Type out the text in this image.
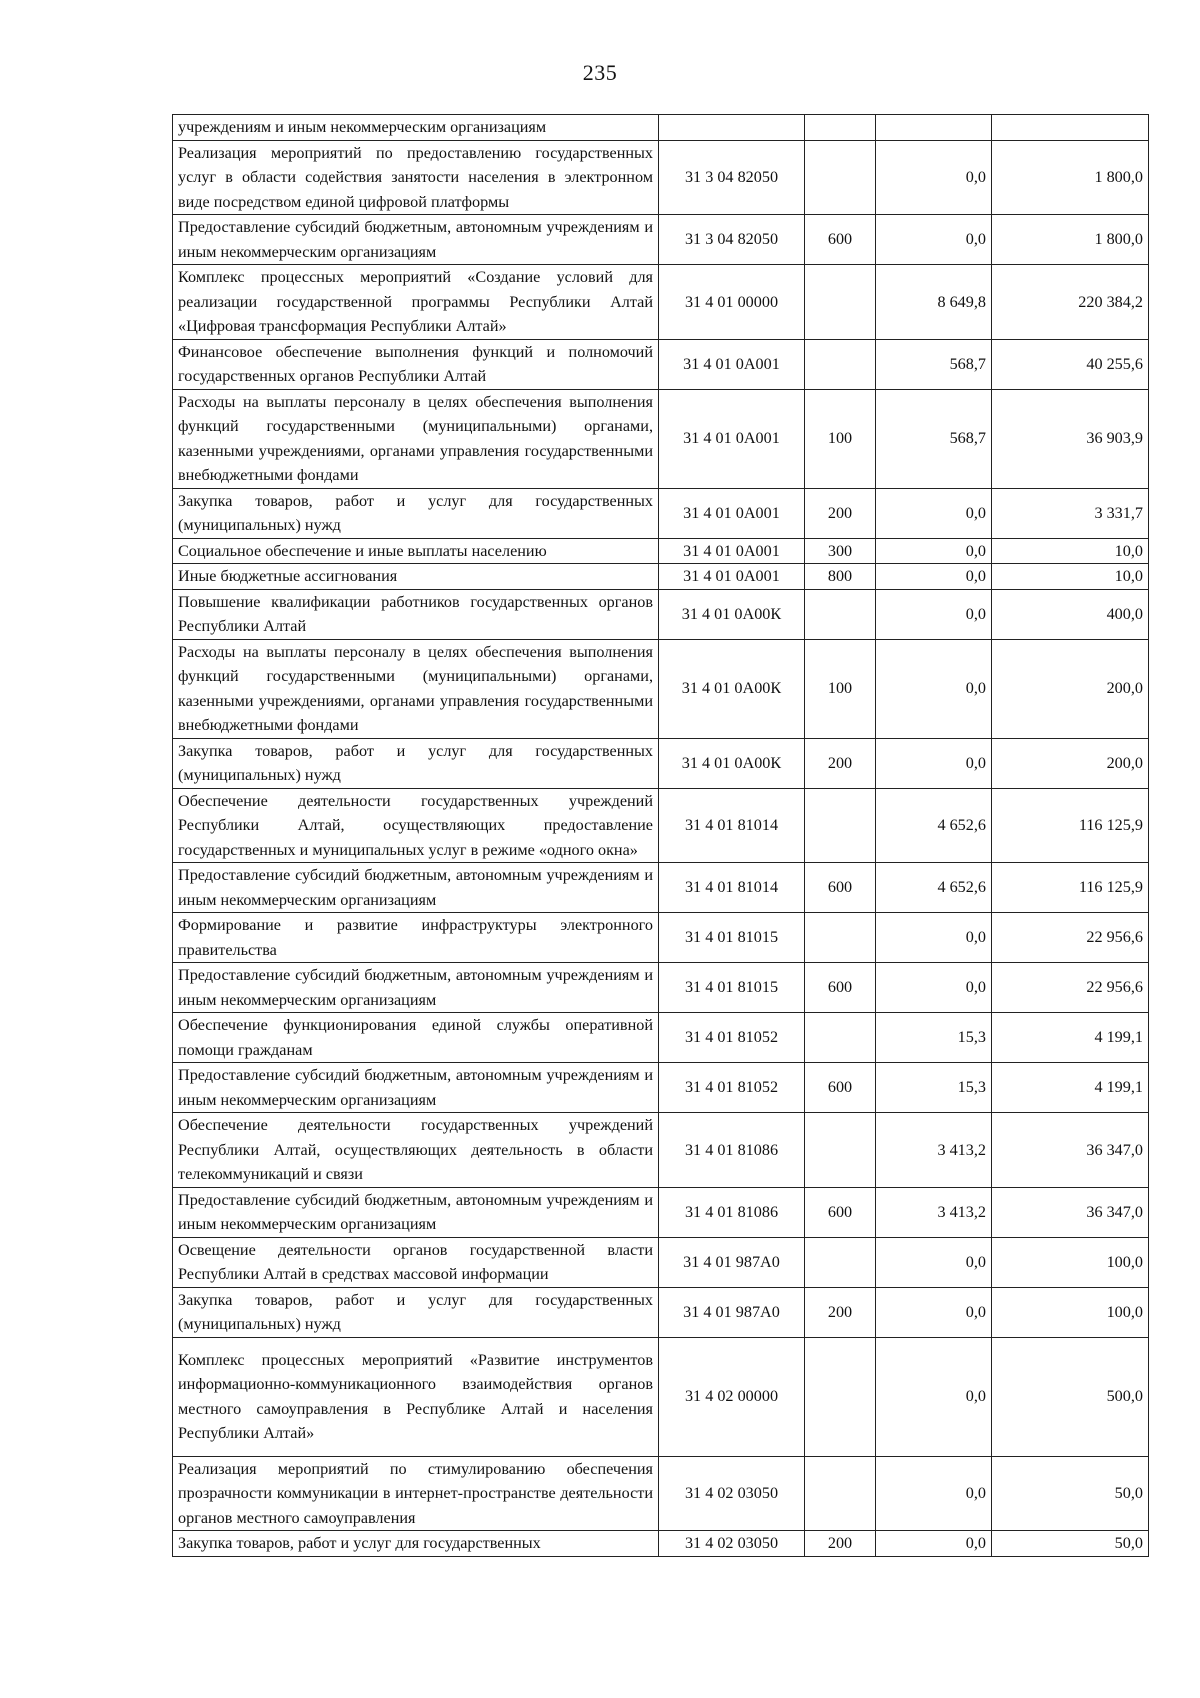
235
учреждениям и иным некоммерческим организациям				
Реализация мероприятий по предоставлению государственных услуг в области содействия занятости населения в электронном виде посредством единой цифровой платформы	31 3 04 82050		0,0	1 800,0
Предоставление субсидий бюджетным, автономным учреждениям и иным некоммерческим организациям	31 3 04 82050	600	0,0	1 800,0
Комплекс процессных мероприятий «Создание условий для реализации государственной программы Республики Алтай «Цифровая трансформация Республики Алтай»	31 4 01 00000		8 649,8	220 384,2
Финансовое обеспечение выполнения функций и полномочий государственных органов Республики Алтай	31 4 01 0А001		568,7	40 255,6
Расходы на выплаты персоналу в целях обеспечения выполнения функций государственными (муниципальными) органами, казенными учреждениями, органами управления государственными внебюджетными фондами	31 4 01 0А001	100	568,7	36 903,9
Закупка товаров, работ и услуг для государственных (муниципальных) нужд	31 4 01 0А001	200	0,0	3 331,7
Социальное обеспечение и иные выплаты населению	31 4 01 0А001	300	0,0	10,0
Иные бюджетные ассигнования	31 4 01 0А001	800	0,0	10,0
Повышение квалификации работников государственных органов Республики Алтай	31 4 01 0А00К		0,0	400,0
Расходы на выплаты персоналу в целях обеспечения выполнения функций государственными (муниципальными) органами, казенными учреждениями, органами управления государственными внебюджетными фондами	31 4 01 0А00К	100	0,0	200,0
Закупка товаров, работ и услуг для государственных (муниципальных) нужд	31 4 01 0А00К	200	0,0	200,0
Обеспечение деятельности государственных учреждений Республики Алтай, осуществляющих предоставление государственных и муниципальных услуг в режиме «одного окна»	31 4 01 81014		4 652,6	116 125,9
Предоставление субсидий бюджетным, автономным учреждениям и иным некоммерческим организациям	31 4 01 81014	600	4 652,6	116 125,9
Формирование и развитие инфраструктуры электронного правительства	31 4 01 81015		0,0	22 956,6
Предоставление субсидий бюджетным, автономным учреждениям и иным некоммерческим организациям	31 4 01 81015	600	0,0	22 956,6
Обеспечение функционирования единой службы оперативной помощи гражданам	31 4 01 81052		15,3	4 199,1
Предоставление субсидий бюджетным, автономным учреждениям и иным некоммерческим организациям	31 4 01 81052	600	15,3	4 199,1
Обеспечение деятельности государственных учреждений Республики Алтай, осуществляющих деятельность в области телекоммуникаций и связи	31 4 01 81086		3 413,2	36 347,0
Предоставление субсидий бюджетным, автономным учреждениям и иным некоммерческим организациям	31 4 01 81086	600	3 413,2	36 347,0
Освещение деятельности органов государственной власти Республики Алтай в средствах массовой информации	31 4 01 987А0		0,0	100,0
Закупка товаров, работ и услуг для государственных (муниципальных) нужд	31 4 01 987А0	200	0,0	100,0
Комплекс процессных мероприятий «Развитие инструментов информационно-коммуникационного взаимодействия органов местного самоуправления в Республике Алтай и населения Республики Алтай»	31 4 02 00000		0,0	500,0
Реализация мероприятий по стимулированию обеспечения прозрачности коммуникации в интернет-пространстве деятельности органов местного самоуправления	31 4 02 03050		0,0	50,0
Закупка товаров, работ и услуг для государственных	31 4 02 03050	200	0,0	50,0
